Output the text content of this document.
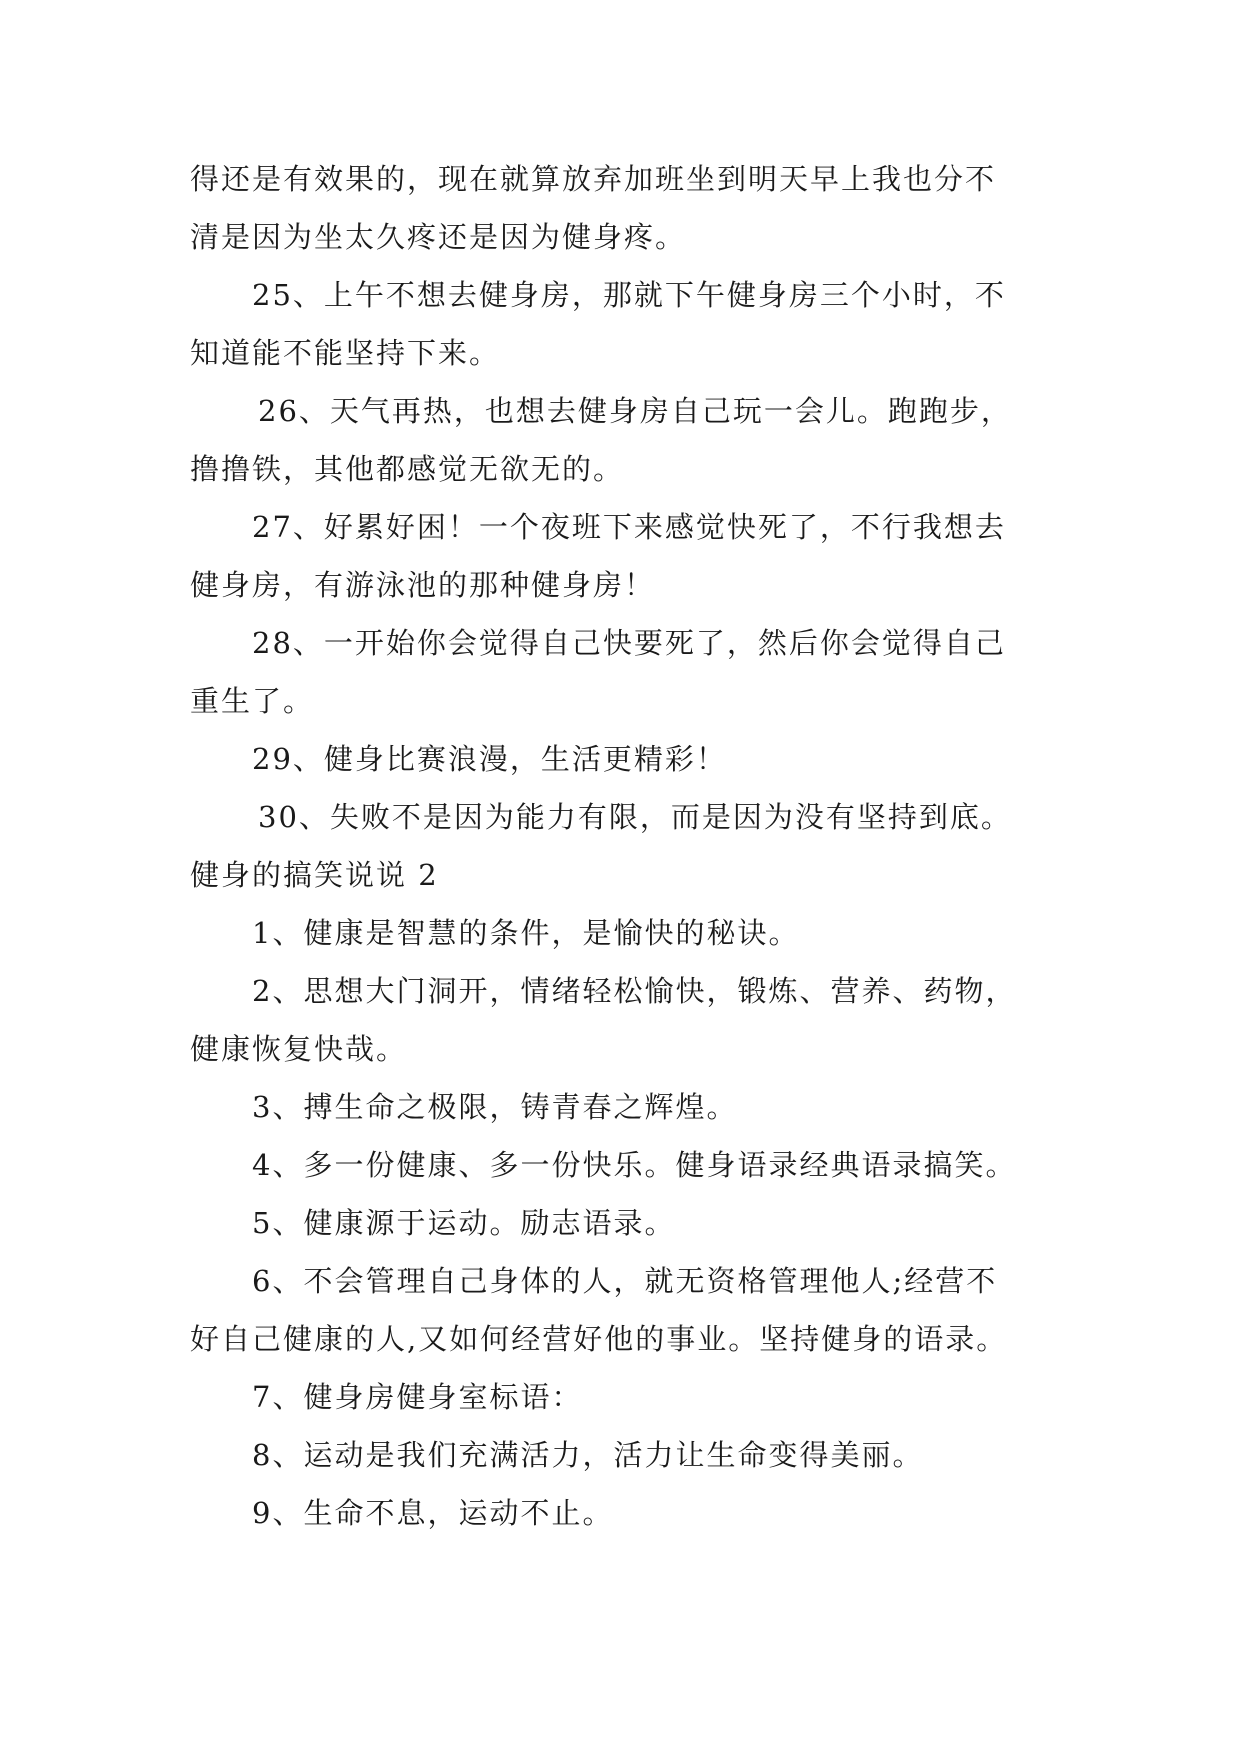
得还是有效果的，现在就算放弃加班坐到明天早上我也分不
清是因为坐太久疼还是因为健身疼。
25、上午不想去健身房，那就下午健身房三个小时，不
知道能不能坚持下来。
26、天气再热，也想去健身房自己玩一会儿。跑跑步，
撸撸铁，其他都感觉无欲无的。
27、好累好困！一个夜班下来感觉快死了，不行我想去
健身房，有游泳池的那种健身房！
28、一开始你会觉得自己快要死了，然后你会觉得自己
重生了。
29、健身比赛浪漫，生活更精彩！
30、失败不是因为能力有限，而是因为没有坚持到底。
健身的搞笑说说 2
1、健康是智慧的条件，是愉快的秘诀。
2、思想大门洞开，情绪轻松愉快，锻炼、营养、药物，
健康恢复快哉。
3、搏生命之极限，铸青春之辉煌。
4、多一份健康、多一份快乐。健身语录经典语录搞笑。
5、健康源于运动。励志语录。
6、不会管理自己身体的人，就无资格管理他人;经营不
好自己健康的人,又如何经营好他的事业。坚持健身的语录。
7、健身房健身室标语：
8、运动是我们充满活力，活力让生命变得美丽。
9、生命不息，运动不止。
